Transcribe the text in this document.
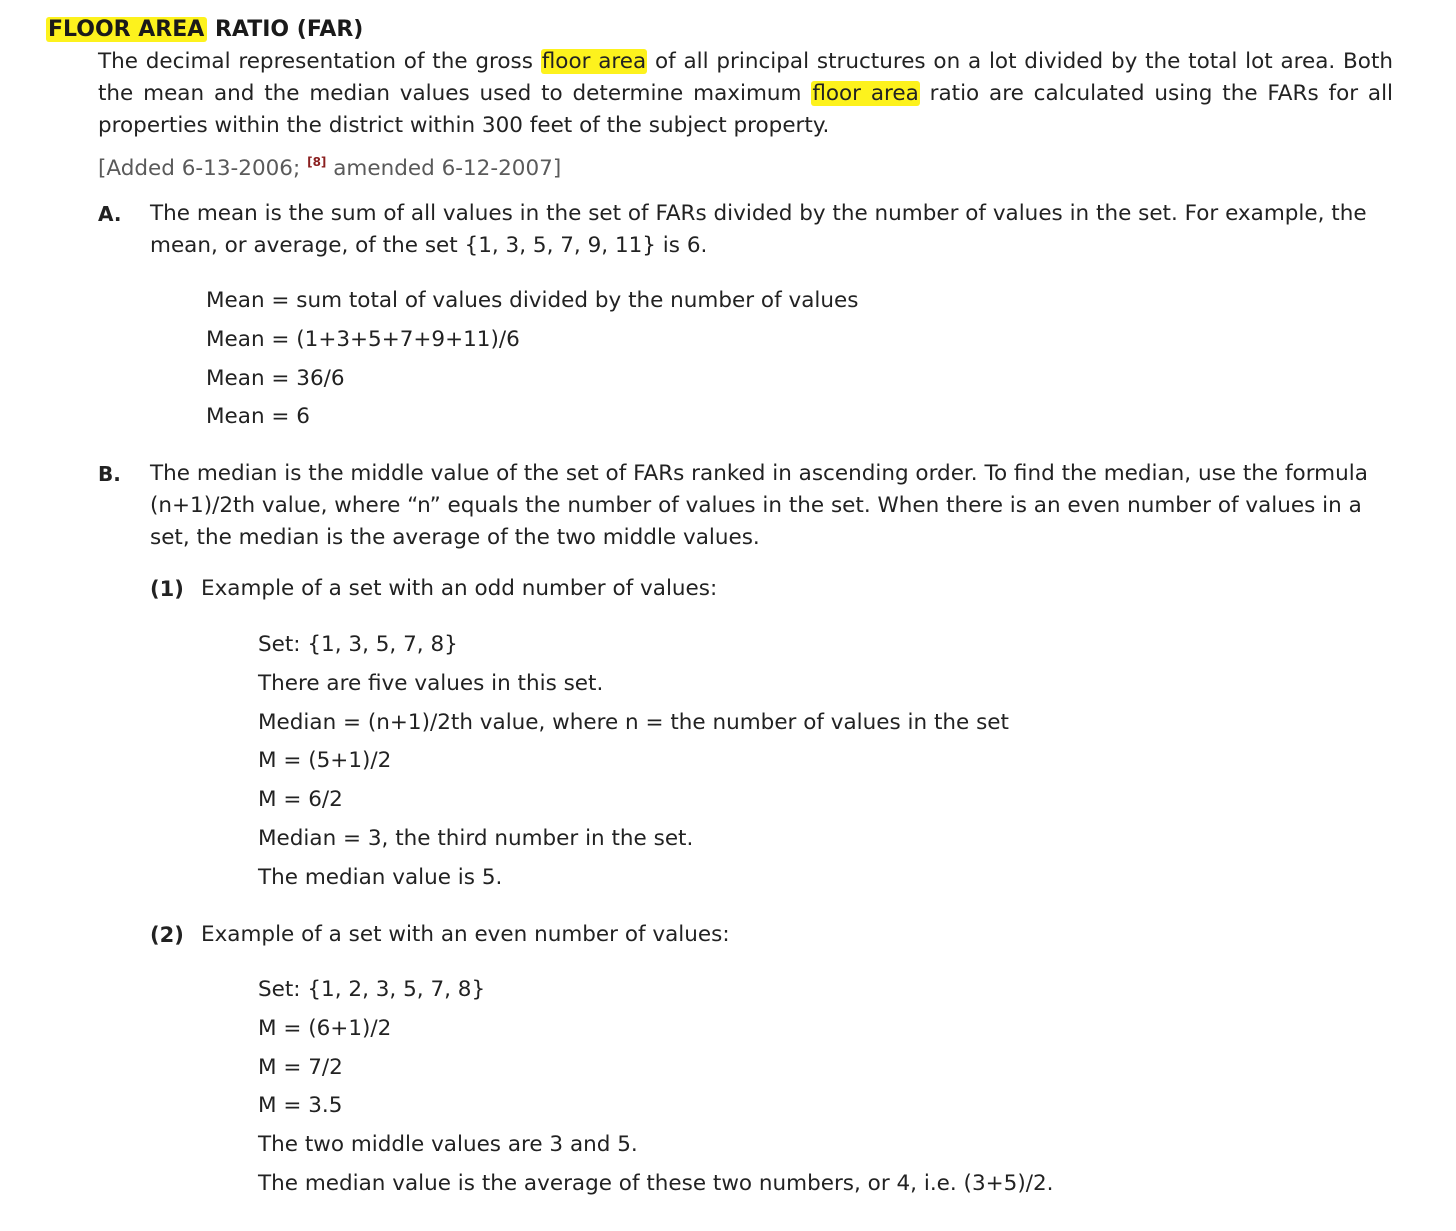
FLOOR AREA RATIO (FAR)

The decimal representation of the gross floor area of all principal structures on a lot divided by the total lot area. Both the mean and the median values used to determine maximum floor area ratio are calculated using the FARs for all properties within the district within 300 feet of the subject property.

[Added 6-13-2006; [8] amended 6-12-2007]
A. The mean is the sum of all values in the set of FARs divided by the number of values in the set. For example, the mean, or average, of the set {1, 3, 5, 7, 9, 11} is 6.
Mean = sum total of values divided by the number of values
Mean = (1+3+5+7+9+11)/6
Mean = 36/6
Mean = 6
B. The median is the middle value of the set of FARs ranked in ascending order. To find the median, use the formula (n+1)/2th value, where “n” equals the number of values in the set. When there is an even number of values in a set, the median is the average of the two middle values.
(1) Example of a set with an odd number of values:
Set: {1, 3, 5, 7, 8}
There are five values in this set.
Median = (n+1)/2th value, where n = the number of values in the set
M = (5+1)/2
M = 6/2
Median = 3, the third number in the set.
The median value is 5.
(2) Example of a set with an even number of values:
Set: {1, 2, 3, 5, 7, 8}
M = (6+1)/2
M = 7/2
M = 3.5
The two middle values are 3 and 5.
The median value is the average of these two numbers, or 4, i.e. (3+5)/2.
